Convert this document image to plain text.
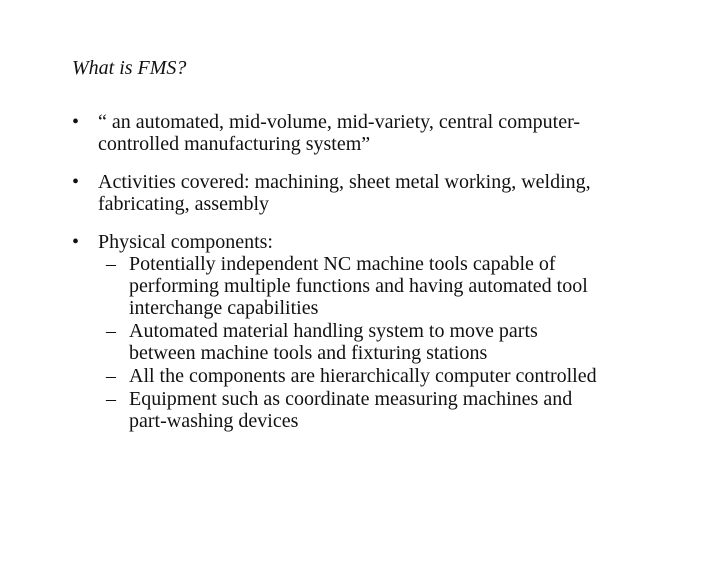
What is FMS?
• “ an automated, mid-volume, mid-variety, central computer-
controlled manufacturing system”
• Activities covered: machining, sheet metal working, welding,
fabricating, assembly
• Physical components:
– Potentially independent NC machine tools capable of
performing multiple functions and having automated tool
interchange capabilities
– Automated material handling system to move parts
between machine tools and fixturing stations
– All the components are hierarchically computer controlled
– Equipment such as coordinate measuring machines and
part-washing devices
